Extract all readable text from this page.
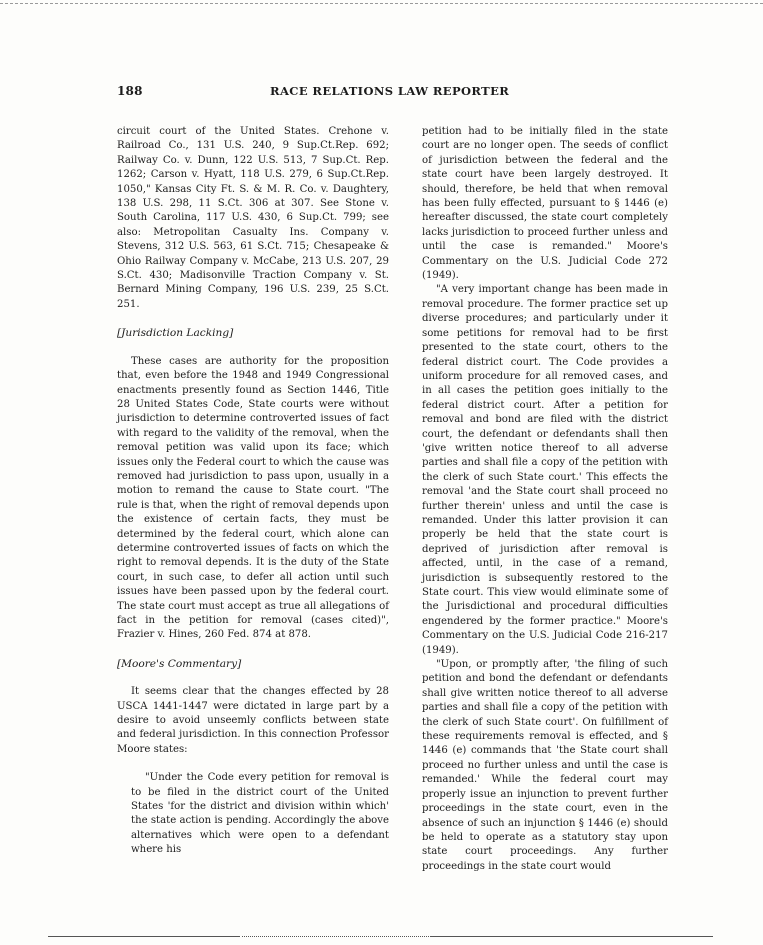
188	RACE RELATIONS LAW REPORTER

circuit court of the United States. Crehone v. Railroad Co., 131 U.S. 240, 9 Sup.Ct.Rep. 692; Railway Co. v. Dunn, 122 U.S. 513, 7 Sup.Ct. Rep. 1262; Carson v. Hyatt, 118 U.S. 279, 6 Sup.Ct.Rep. 1050," Kansas City Ft. S. & M. R. Co. v. Daughtery, 138 U.S. 298, 11 S.Ct. 306 at 307. See Stone v. South Carolina, 117 U.S. 430, 6 Sup.Ct. 799; see also: Metropolitan Casualty Ins. Company v. Stevens, 312 U.S. 563, 61 S.Ct. 715; Chesapeake & Ohio Railway Company v. McCabe, 213 U.S. 207, 29 S.Ct. 430; Madisonville Traction Company v. St. Bernard Mining Company, 196 U.S. 239, 25 S.Ct. 251.

[Jurisdiction Lacking]

These cases are authority for the proposition that, even before the 1948 and 1949 Congressional enactments presently found as Section 1446, Title 28 United States Code, State courts were without jurisdiction to determine controverted issues of fact with regard to the validity of the removal, when the removal petition was valid upon its face; which issues only the Federal court to which the cause was removed had jurisdiction to pass upon, usually in a motion to remand the cause to State court. "The rule is that, when the right of removal depends upon the existence of certain facts, they must be determined by the federal court, which alone can determine controverted issues of facts on which the right to removal depends. It is the duty of the State court, in such case, to defer all action until such issues have been passed upon by the federal court. The state court must accept as true all allegations of fact in the petition for removal (cases cited)", Frazier v. Hines, 260 Fed. 874 at 878.

[Moore's Commentary]

It seems clear that the changes effected by 28 USCA 1441-1447 were dictated in large part by a desire to avoid unseemly conflicts between state and federal jurisdiction. In this connection Professor Moore states:

"Under the Code every petition for removal is to be filed in the district court of the United States 'for the district and division within which' the state action is pending. Accordingly the above alternatives which were open to a defendant where his

petition had to be initially filed in the state court are no longer open. The seeds of conflict of jurisdiction between the federal and the state court have been largely destroyed. It should, therefore, be held that when removal has been fully effected, pursuant to § 1446 (e) hereafter discussed, the state court completely lacks jurisdiction to proceed further unless and until the case is remanded." Moore's Commentary on the U.S. Judicial Code 272 (1949).

"A very important change has been made in removal procedure. The former practice set up diverse procedures; and particularly under it some petitions for removal had to be first presented to the state court, others to the federal district court. The Code provides a uniform procedure for all removed cases, and in all cases the petition goes initially to the federal district court. After a petition for removal and bond are filed with the district court, the defendant or defendants shall then 'give written notice thereof to all adverse parties and shall file a copy of the petition with the clerk of such State court.' This effects the removal 'and the State court shall proceed no further therein' unless and until the case is remanded. Under this latter provision it can properly be held that the state court is deprived of jurisdiction after removal is affected, until, in the case of a remand, jurisdiction is subsequently restored to the State court. This view would eliminate some of the Jurisdictional and procedural difficulties engendered by the former practice." Moore's Commentary on the U.S. Judicial Code 216-217 (1949).

"Upon, or promptly after, 'the filing of such petition and bond the defendant or defendants shall give written notice thereof to all adverse parties and shall file a copy of the petition with the clerk of such State court'. On fulfillment of these requirements removal is effected, and § 1446 (e) commands that 'the State court shall proceed no further unless and until the case is remanded.' While the federal court may properly issue an injunction to prevent further proceedings in the state court, even in the absence of such an injunction § 1446 (e) should be held to operate as a statutory stay upon state court proceedings. Any further proceedings in the state court would
